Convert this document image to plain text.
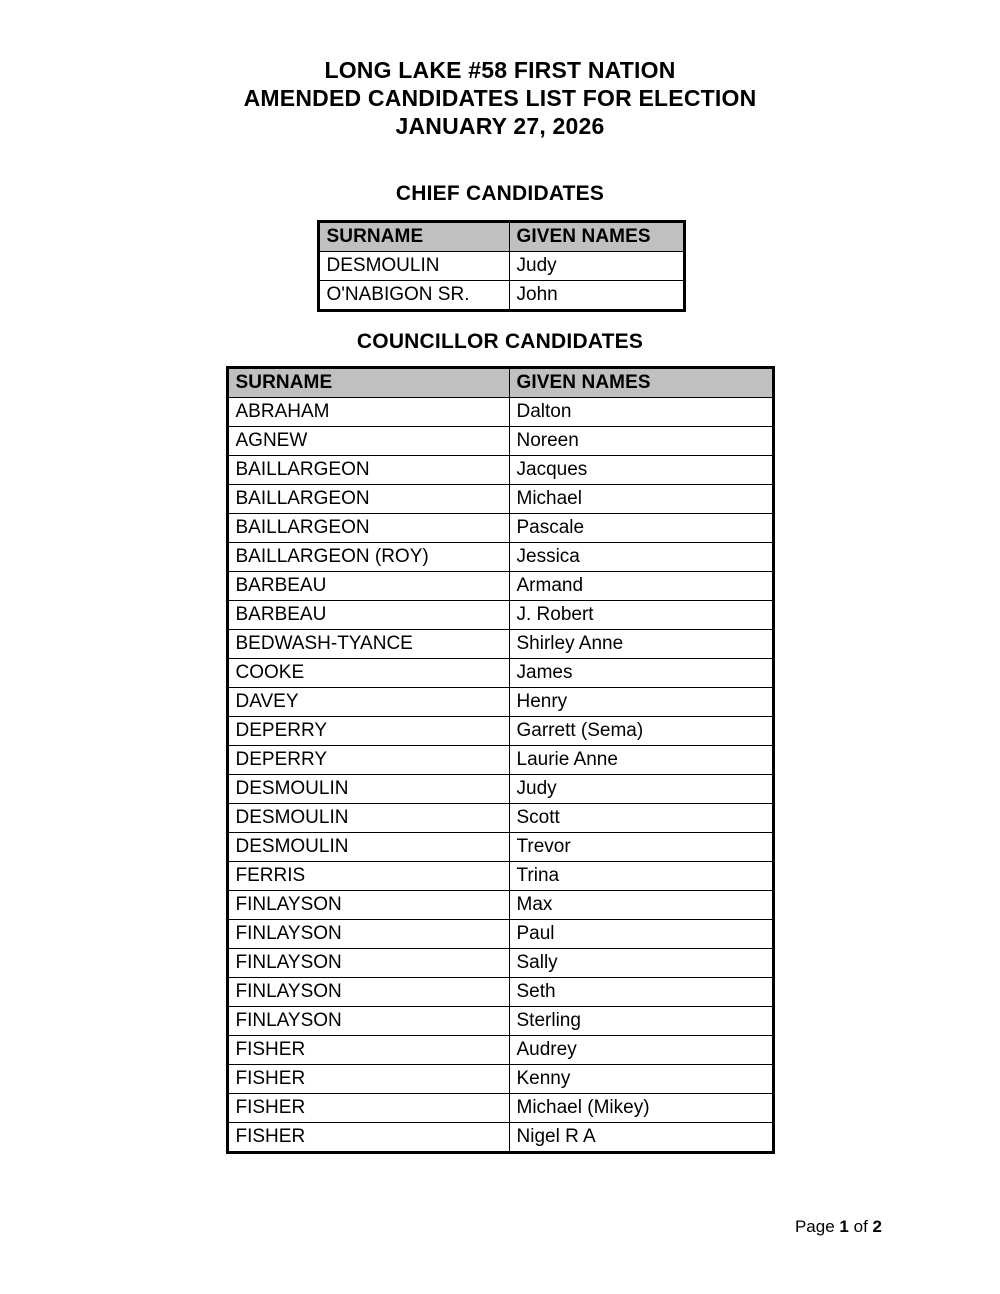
LONG LAKE #58 FIRST NATION
AMENDED CANDIDATES LIST FOR ELECTION
JANUARY 27, 2026
CHIEF CANDIDATES
SURNAME	GIVEN NAMES
DESMOULIN	Judy
O'NABIGON SR.	John
COUNCILLOR CANDIDATES
SURNAME	GIVEN NAMES
ABRAHAM	Dalton
AGNEW	Noreen
BAILLARGEON	Jacques
BAILLARGEON	Michael
BAILLARGEON	Pascale
BAILLARGEON (ROY)	Jessica
BARBEAU	Armand
BARBEAU	J. Robert
BEDWASH-TYANCE	Shirley Anne
COOKE	James
DAVEY	Henry
DEPERRY	Garrett (Sema)
DEPERRY	Laurie Anne
DESMOULIN	Judy
DESMOULIN	Scott
DESMOULIN	Trevor
FERRIS	Trina
FINLAYSON	Max
FINLAYSON	Paul
FINLAYSON	Sally
FINLAYSON	Seth
FINLAYSON	Sterling
FISHER	Audrey
FISHER	Kenny
FISHER	Michael (Mikey)
FISHER	Nigel R A
Page 1 of 2
